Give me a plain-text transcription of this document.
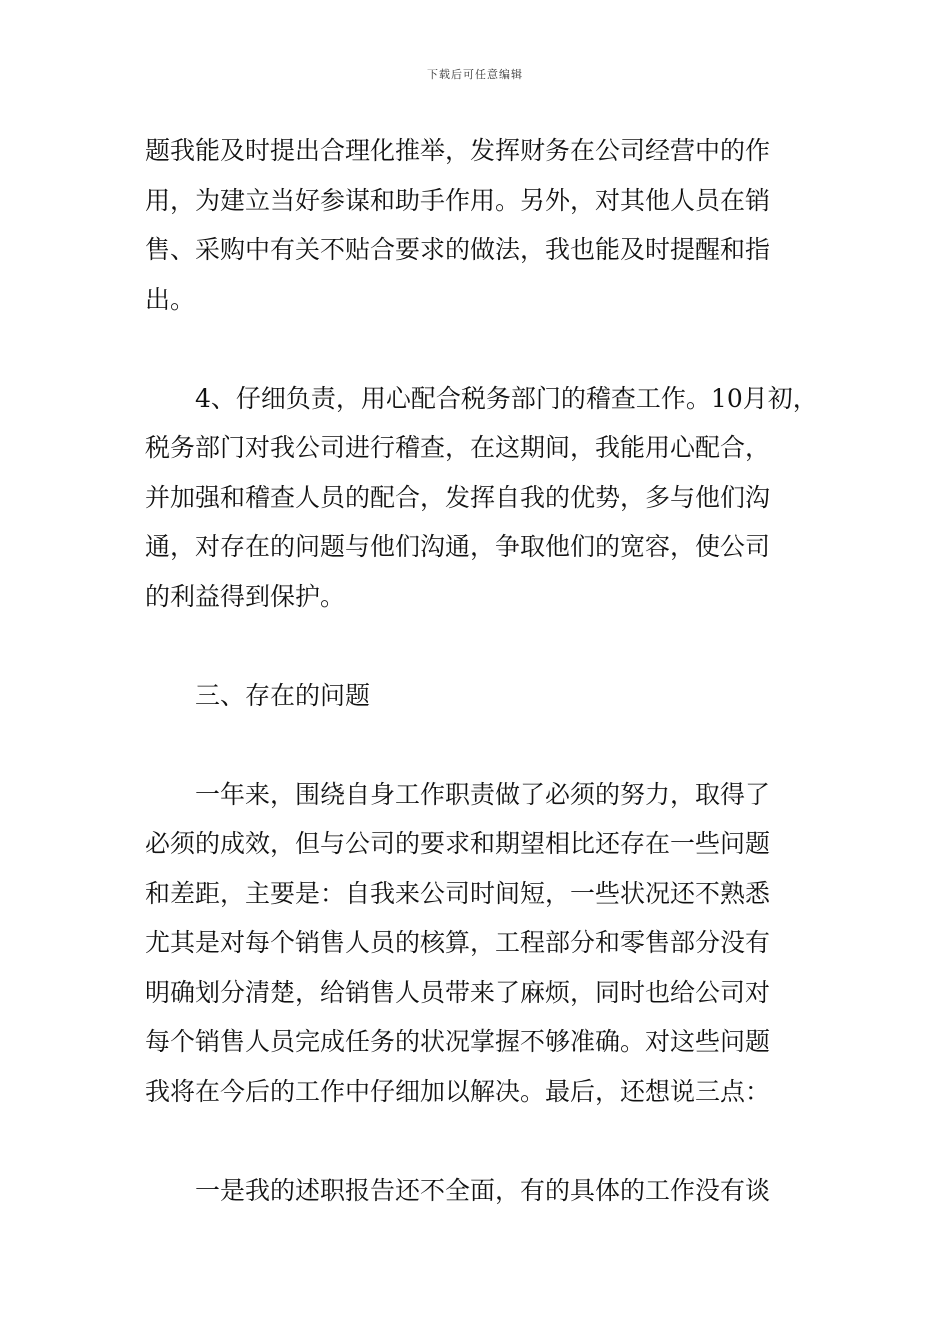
下载后可任意编辑

题我能及时提出合理化推举，发挥财务在公司经营中的作
用，为建立当好参谋和助手作用。另外，对其他人员在销
售、采购中有关不贴合要求的做法，我也能及时提醒和指
出。

4、仔细负责，用心配合税务部门的稽查工作。10月初，
税务部门对我公司进行稽查，在这期间，我能用心配合，
并加强和稽查人员的配合，发挥自我的优势，多与他们沟
通，对存在的问题与他们沟通，争取他们的宽容，使公司
的利益得到保护。

三、存在的问题

一年来，围绕自身工作职责做了必须的努力，取得了
必须的成效，但与公司的要求和期望相比还存在一些问题
和差距，主要是：自我来公司时间短，一些状况还不熟悉
尤其是对每个销售人员的核算，工程部分和零售部分没有
明确划分清楚，给销售人员带来了麻烦，同时也给公司对
每个销售人员完成任务的状况掌握不够准确。对这些问题
我将在今后的工作中仔细加以解决。最后，还想说三点：

一是我的述职报告还不全面，有的具体的工作没有谈
